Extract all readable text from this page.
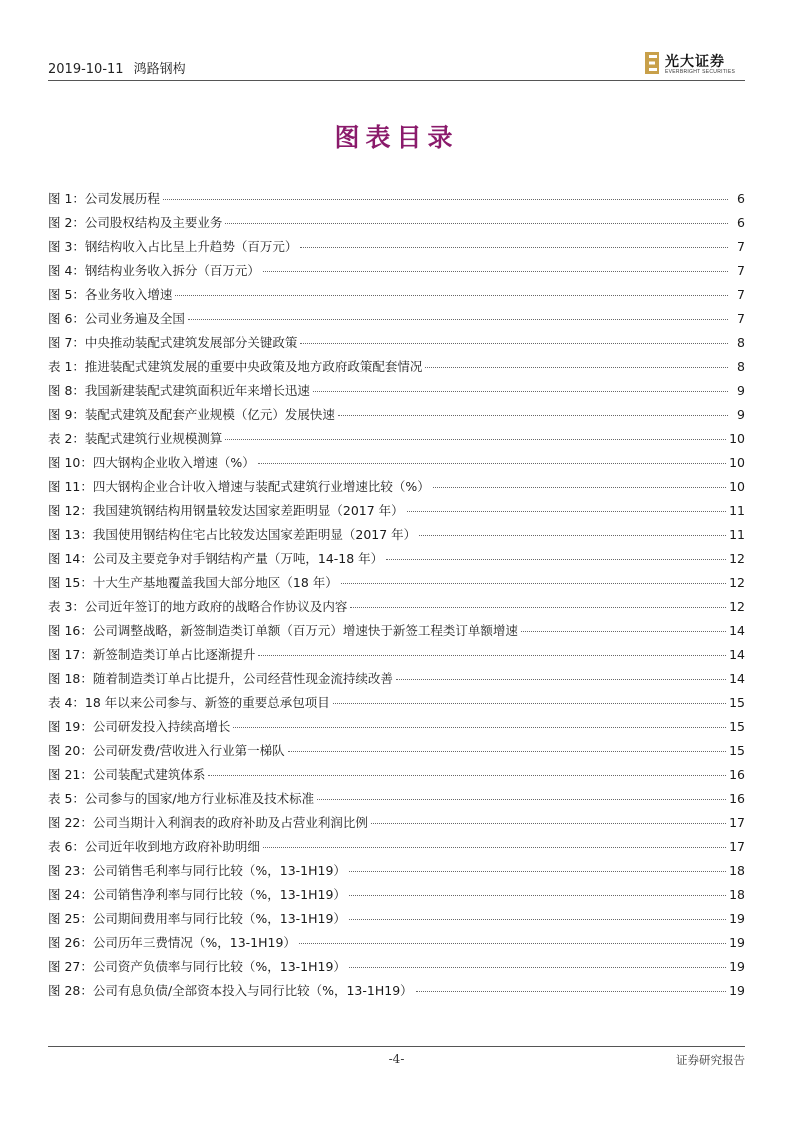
2019-10-11 鸿路钢构	光大证券
EVERBRIGHT SECURITIES
图表目录
图 1：公司发展历程	6
图 2：公司股权结构及主要业务	6
图 3：钢结构收入占比呈上升趋势（百万元）	7
图 4：钢结构业务收入拆分（百万元）	7
图 5：各业务收入增速	7
图 6：公司业务遍及全国	7
图 7：中央推动装配式建筑发展部分关键政策	8
表 1：推进装配式建筑发展的重要中央政策及地方政府政策配套情况	8
图 8：我国新建装配式建筑面积近年来增长迅速	9
图 9：装配式建筑及配套产业规模（亿元）发展快速	9
表 2：装配式建筑行业规模测算	10
图 10：四大钢构企业收入增速（%）	10
图 11：四大钢构企业合计收入增速与装配式建筑行业增速比较（%）	10
图 12：我国建筑钢结构用钢量较发达国家差距明显（2017 年）	11
图 13：我国使用钢结构住宅占比较发达国家差距明显（2017 年）	11
图 14：公司及主要竞争对手钢结构产量（万吨，14-18 年）	12
图 15：十大生产基地覆盖我国大部分地区（18 年）	12
表 3：公司近年签订的地方政府的战略合作协议及内容	12
图 16：公司调整战略，新签制造类订单额（百万元）增速快于新签工程类订单额增速	14
图 17：新签制造类订单占比逐渐提升	14
图 18：随着制造类订单占比提升，公司经营性现金流持续改善	14
表 4：18 年以来公司参与、新签的重要总承包项目	15
图 19：公司研发投入持续高增长	15
图 20：公司研发费/营收进入行业第一梯队	15
图 21：公司装配式建筑体系	16
表 5：公司参与的国家/地方行业标准及技术标准	16
图 22：公司当期计入利润表的政府补助及占营业利润比例	17
表 6：公司近年收到地方政府补助明细	17
图 23：公司销售毛利率与同行比较（%，13-1H19）	18
图 24：公司销售净利率与同行比较（%，13-1H19）	18
图 25：公司期间费用率与同行比较（%，13-1H19）	19
图 26：公司历年三费情况（%，13-1H19）	19
图 27：公司资产负债率与同行比较（%，13-1H19）	19
图 28：公司有息负债/全部资本投入与同行比较（%，13-1H19）	19
-4-	证券研究报告
